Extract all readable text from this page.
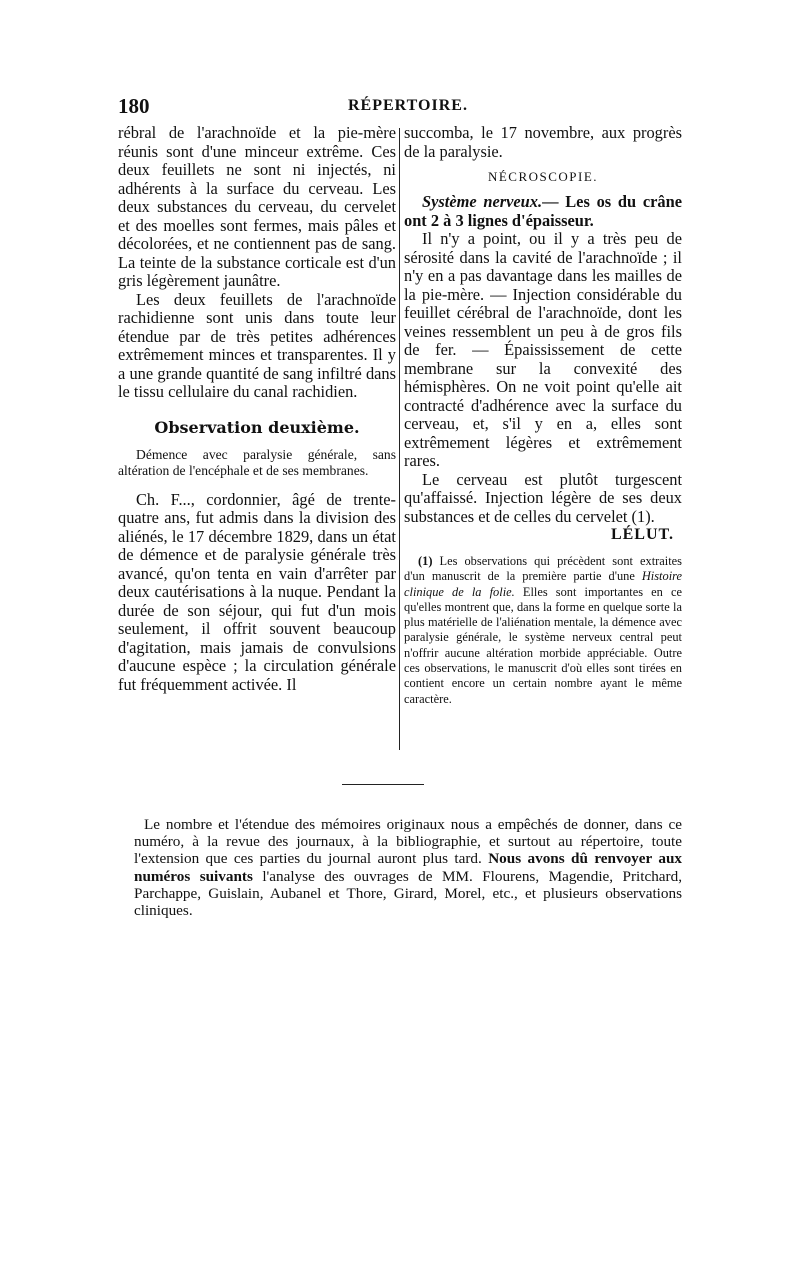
180	RÉPERTOIRE.

rébral de l'arachnoïde et la pie-mère réunis sont d'une minceur extrême. Ces deux feuillets ne sont ni injectés, ni adhérents à la surface du cerveau. Les deux substances du cerveau, du cervelet et des moelles sont fermes, mais pâles et décolorées, et ne contiennent pas de sang. La teinte de la substance corticale est d'un gris légèrement jaunâtre.

Les deux feuillets de l'arachnoïde rachidienne sont unis dans toute leur étendue par de très petites adhérences extrêmement minces et transparentes. Il y a une grande quantité de sang infiltré dans le tissu cellulaire du canal rachidien.

Observation deuxième.

Démence avec paralysie générale, sans altération de l'encéphale et de ses membranes.

Ch. F..., cordonnier, âgé de trente-quatre ans, fut admis dans la division des aliénés, le 17 décembre 1829, dans un état de démence et de paralysie générale très avancé, qu'on tenta en vain d'arrêter par deux cautérisations à la nuque. Pendant la durée de son séjour, qui fut d'un mois seulement, il offrit souvent beaucoup d'agitation, mais jamais de convulsions d'aucune espèce ; la circulation générale fut fréquemment activée. Il

succomba, le 17 novembre, aux progrès de la paralysie.

NÉCROSCOPIE.

Système nerveux.— Les os du crâne ont 2 à 3 lignes d'épaisseur.

Il n'y a point, ou il y a très peu de sérosité dans la cavité de l'arachnoïde ; il n'y en a pas davantage dans les mailles de la pie-mère. — Injection considérable du feuillet cérébral de l'arachnoïde, dont les veines ressemblent un peu à de gros fils de fer. — Épaississement de cette membrane sur la convexité des hémisphères. On ne voit point qu'elle ait contracté d'adhérence avec la surface du cerveau, et, s'il y en a, elles sont extrêmement légères et extrêmement rares.

Le cerveau est plutôt turgescent qu'affaissé. Injection légère de ses deux substances et de celles du cervelet (1).

LÉLUT.

(1) Les observations qui précèdent sont extraites d'un manuscrit de la première partie d'une Histoire clinique de la folie. Elles sont importantes en ce qu'elles montrent que, dans la forme en quelque sorte la plus matérielle de l'aliénation mentale, la démence avec paralysie générale, le système nerveux central peut n'offrir aucune altération morbide appréciable. Outre ces observations, le manuscrit d'où elles sont tirées en contient encore un certain nombre ayant le même caractère.

Le nombre et l'étendue des mémoires originaux nous a empêchés de donner, dans ce numéro, à la revue des journaux, à la bibliographie, et surtout au répertoire, toute l'extension que ces parties du journal auront plus tard. Nous avons dû renvoyer aux numéros suivants l'analyse des ouvrages de MM. Flourens, Magendie, Pritchard, Parchappe, Guislain, Aubanel et Thore, Girard, Morel, etc., et plusieurs observations cliniques.
